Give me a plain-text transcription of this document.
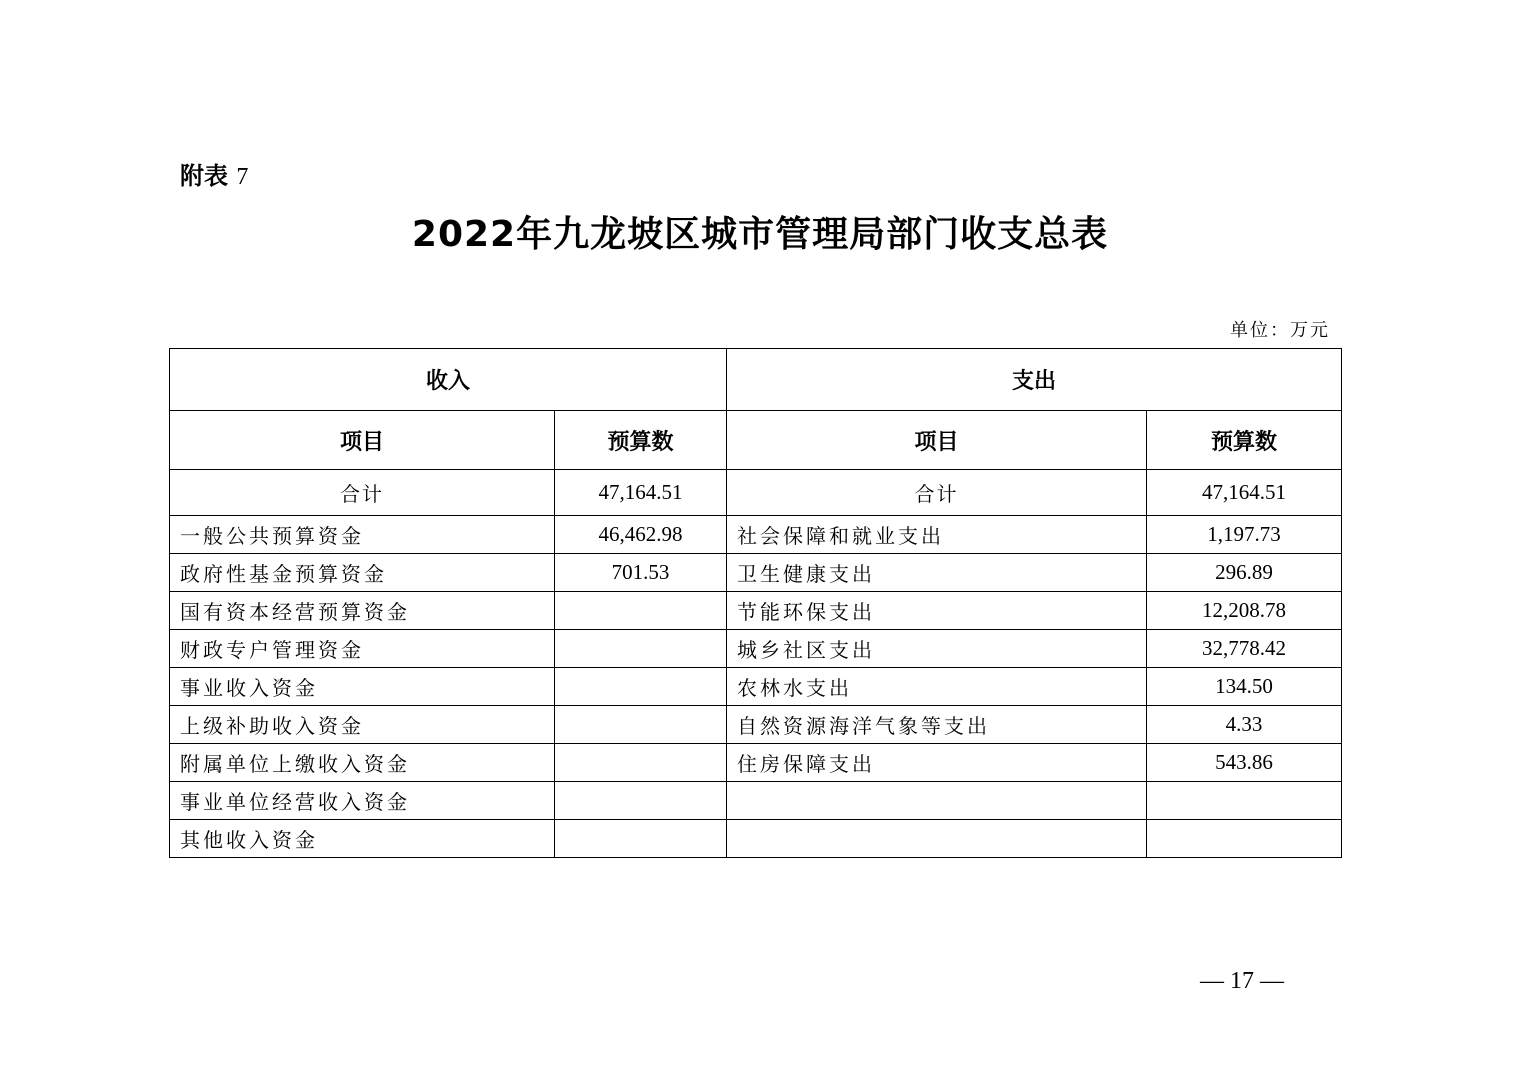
附表 7
2022年九龙坡区城市管理局部门收支总表
单位：万元
收入		支出	
项目	预算数	项目	预算数
合计	47,164.51	合计	47,164.51
一般公共预算资金	46,462.98	社会保障和就业支出	1,197.73
政府性基金预算资金	701.53	卫生健康支出	296.89
国有资本经营预算资金		节能环保支出	12,208.78
财政专户管理资金		城乡社区支出	32,778.42
事业收入资金		农林水支出	134.50
上级补助收入资金		自然资源海洋气象等支出	4.33
附属单位上缴收入资金		住房保障支出	543.86
事业单位经营收入资金			
其他收入资金			
— 17 —
